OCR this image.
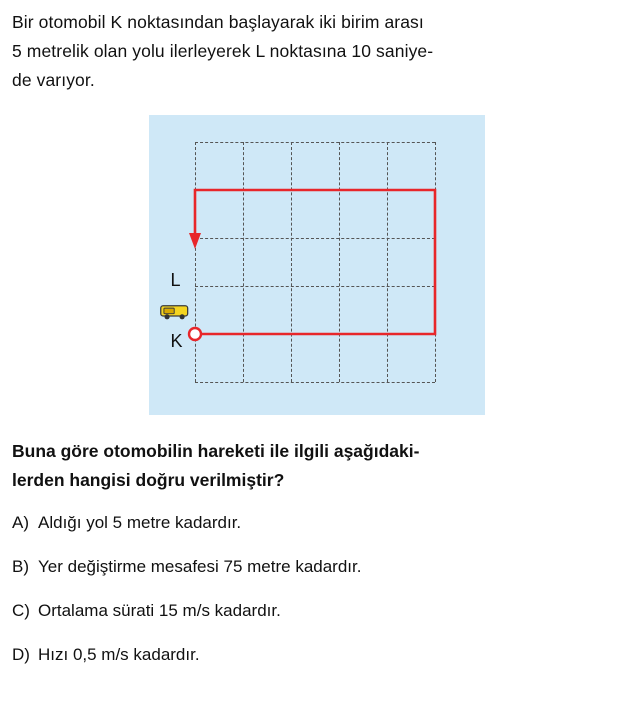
Bir otomobil K noktasından başlayarak iki birim arası

5 metrelik olan yolu ilerleyerek L noktasına 10 saniye-

de varıyor.

L
K

Buna göre otomobilin hareketi ile ilgili aşağıdaki-

lerden hangisi doğru verilmiştir?

A) Aldığı yol 5 metre kadardır.
B) Yer değiştirme mesafesi 75 metre kadardır.
C) Ortalama sürati 15 m/s kadardır.
D) Hızı 0,5 m/s kadardır.
